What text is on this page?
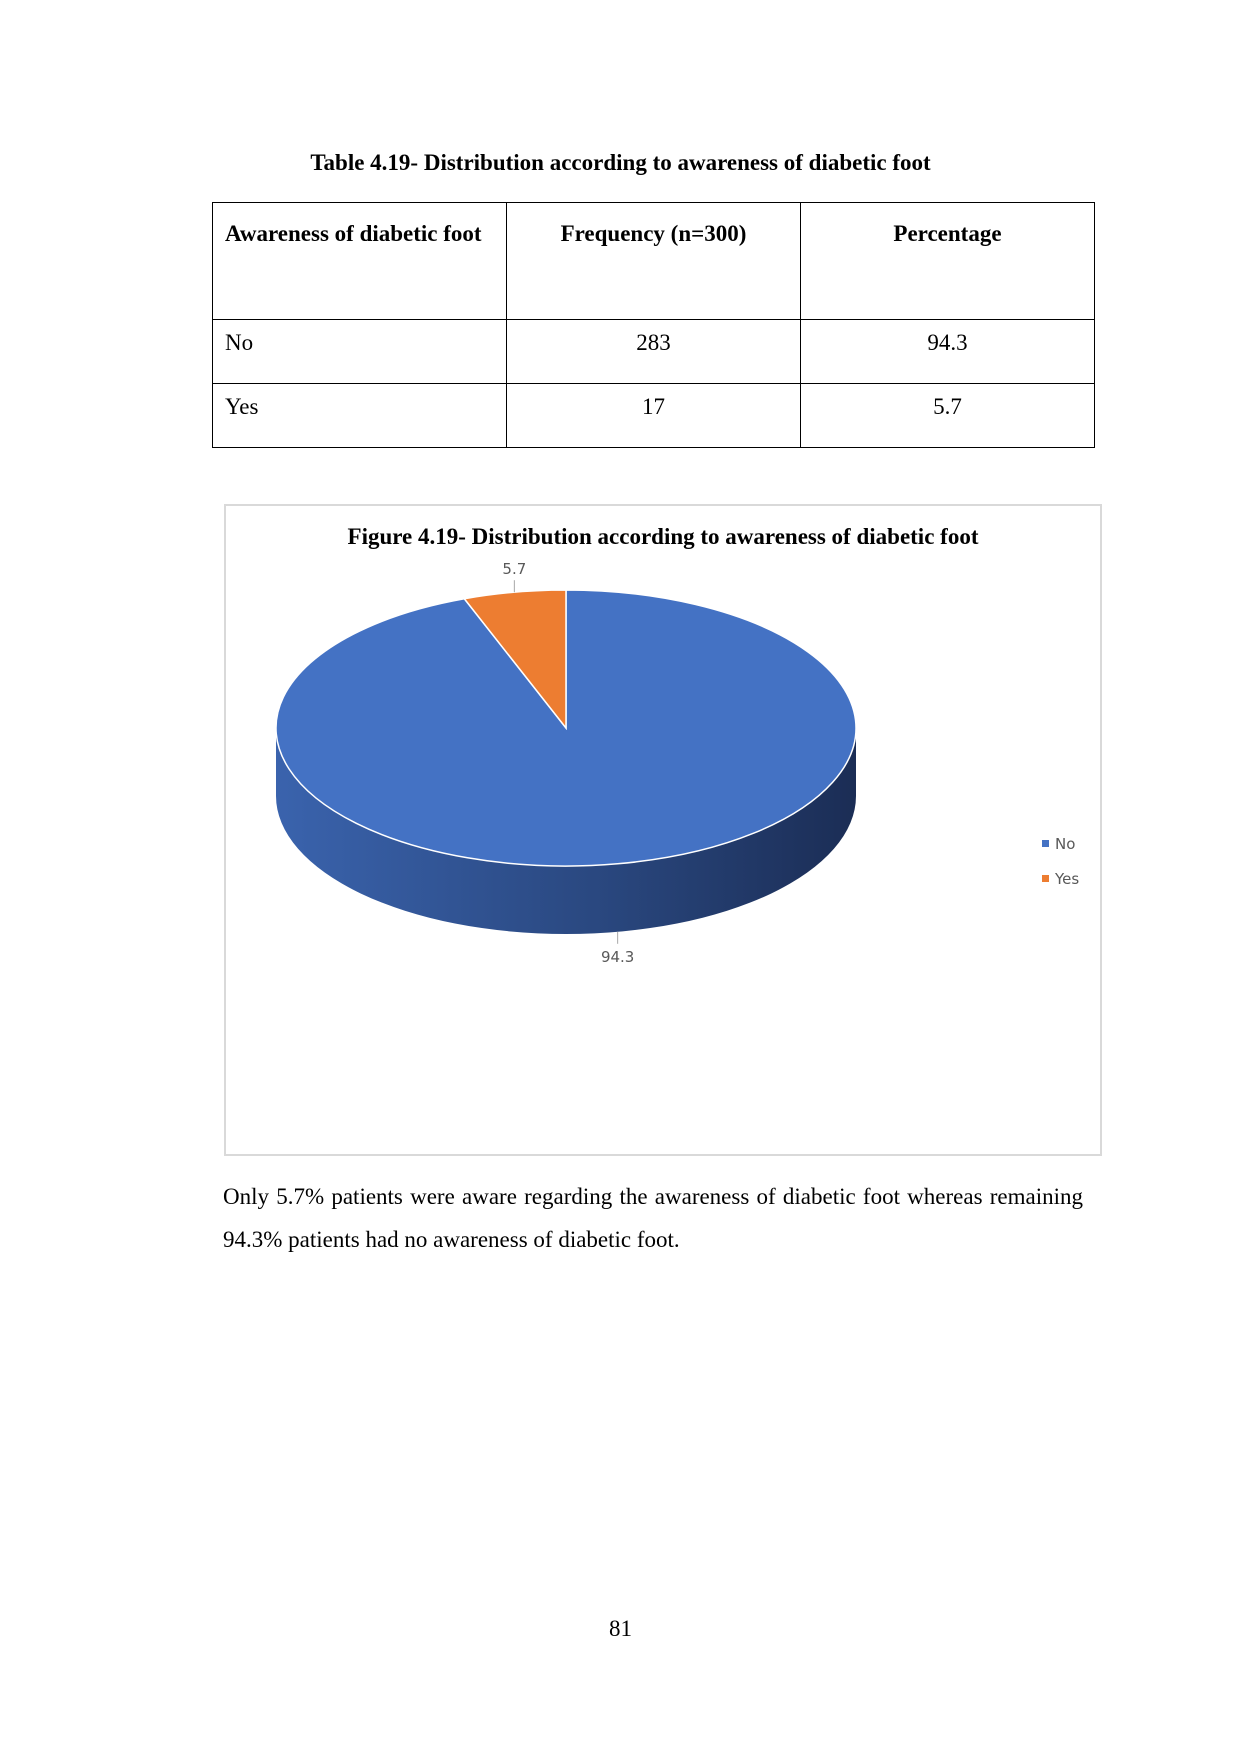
Table 4.19- Distribution according to awareness of diabetic foot
Awareness of diabetic foot	Frequency (n=300)	Percentage
No	283	94.3
Yes	17	5.7
Figure 4.19- Distribution according to awareness of diabetic foot
94.3
5.7
No
Yes
Only 5.7% patients were aware regarding the awareness of diabetic foot whereas remaining 94.3% patients had no awareness of diabetic foot.
81
